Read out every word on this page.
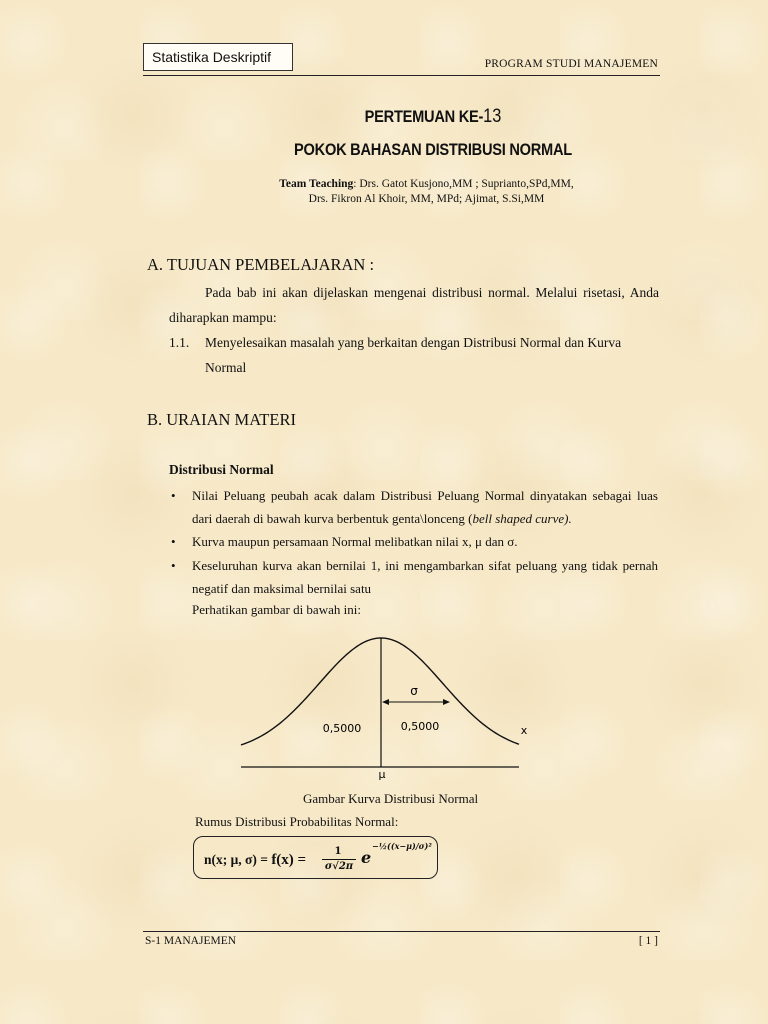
Statistika Deskriptif	PROGRAM STUDI MANAJEMEN
PERTEMUAN KE-13
POKOK BAHASAN DISTRIBUSI NORMAL
Team Teaching: Drs. Gatot Kusjono,MM ; Suprianto,SPd,MM,
Drs. Fikron Al Khoir, MM, MPd; Ajimat, S.Si,MM
A. TUJUAN PEMBELAJARAN :
Pada bab ini akan dijelaskan mengenai distribusi normal. Melalui risetasi, Anda diharapkan mampu:
1.1. Menyelesaikan masalah yang berkaitan dengan Distribusi Normal dan Kurva Normal
B. URAIAN MATERI
Distribusi Normal
• Nilai Peluang peubah acak dalam Distribusi Peluang Normal dinyatakan sebagai luas dari daerah di bawah kurva berbentuk genta\lonceng (bell shaped curve).
• Kurva maupun persamaan Normal melibatkan nilai x, μ dan σ.
• Keseluruhan kurva akan bernilai 1, ini mengambarkan sifat peluang yang tidak pernah negatif dan maksimal bernilai satu
Perhatikan gambar di bawah ini:
σ
0,5000	0,5000	x
μ
Gambar Kurva Distribusi Normal
Rumus Distribusi Probabilitas Normal:
n(x; μ, σ) = f(x) =
1
σ√2π e
−½((x−μ)/σ)²
S-1 MANAJEMEN	[ 1 ]
